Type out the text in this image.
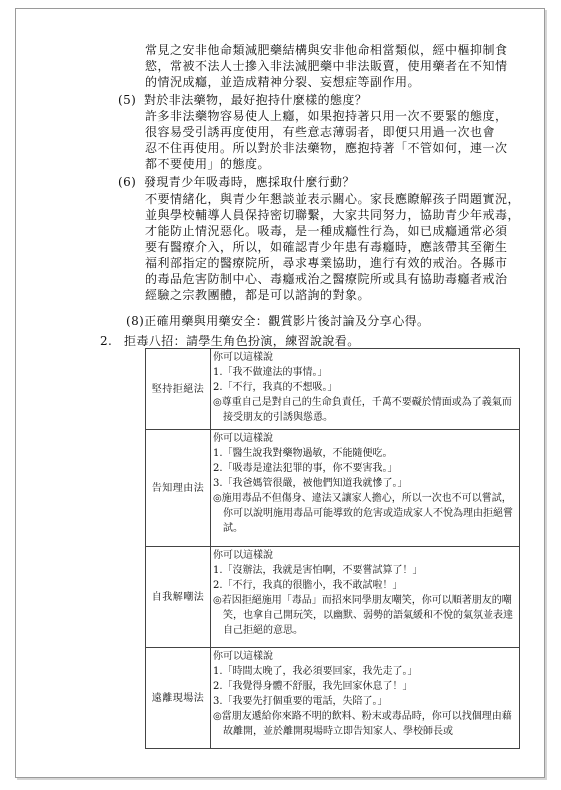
常見之安非他命類減肥藥結構與安非他命相當類似，經中樞抑制食

慾，常被不法人士摻入非法減肥藥中非法販賣，使用藥者在不知情

的情況成癮，並造成精神分裂、妄想症等副作用。

(5) 對於非法藥物，最好抱持什麼樣的態度？

許多非法藥物容易使人上癮，如果抱持著只用一次不要緊的態度，

很容易受引誘再度使用，有些意志薄弱者，即便只用過一次也會

忍不住再使用。所以對於非法藥物，應抱持著「不管如何，連一次

都不要使用」的態度。

(6) 發現青少年吸毒時，應採取什麼行動？

不要情緒化，與青少年懇談並表示關心。家長應瞭解孩子問題實況，

並與學校輔導人員保持密切聯繫，大家共同努力，協助青少年戒毒，

才能防止情況惡化。吸毒，是一種成癮性行為，如已成癮通常必須

要有醫療介入，所以，如確認青少年患有毒癮時，應該帶其至衛生

福利部指定的醫療院所，尋求專業協助，進行有效的戒治。各縣市

的毒品危害防制中心、毒癮戒治之醫療院所或具有協助毒癮者戒治

經驗之宗教團體，都是可以諮詢的對象。

(8)正確用藥與用藥安全：觀賞影片後討論及分享心得。
2. 拒毒八招：請學生角色扮演，練習說說看。
堅持拒絕法	你可以這樣說
1.「我不做違法的事情。」
2.「不行，我真的不想吸。」
◎尊重自己是對自己的生命負責任，千萬不要礙於情面或為了義氣而接受朋友的引誘與慫恿。

告知理由法	你可以這樣說
1.「醫生說我對藥物過敏，不能隨便吃。
2.「吸毒是違法犯罪的事，你不要害我。」
3.「我爸媽管很嚴，被他們知道我就慘了。」
◎施用毒品不但傷身、違法又讓家人擔心，所以一次也不可以嘗試，你可以說明施用毒品可能導致的危害或造成家人不悅為理由拒絕嘗試。

自我解嘲法	你可以這樣說
1.「沒辦法，我就是害怕啊，不要嘗試算了！」
2.「不行，我真的很膽小，我不敢試啦！」
◎若因拒絕施用「毒品」而招來同學朋友嘲笑，你可以順著朋友的嘲笑，也拿自己開玩笑，以幽默、弱勢的語氣緩和不悅的氣氛並表達自己拒絕的意思。

遠離現場法	你可以這樣說
1.「時間太晚了，我必須要回家，我先走了。」
2.「我覺得身體不舒服，我先回家休息了！」
3.「我要先打個重要的電話，失陪了。」
◎當朋友遞給你來路不明的飲料、粉末或毒品時，你可以找個理由藉故離開，並於離開現場時立即告知家人、學校師長或
